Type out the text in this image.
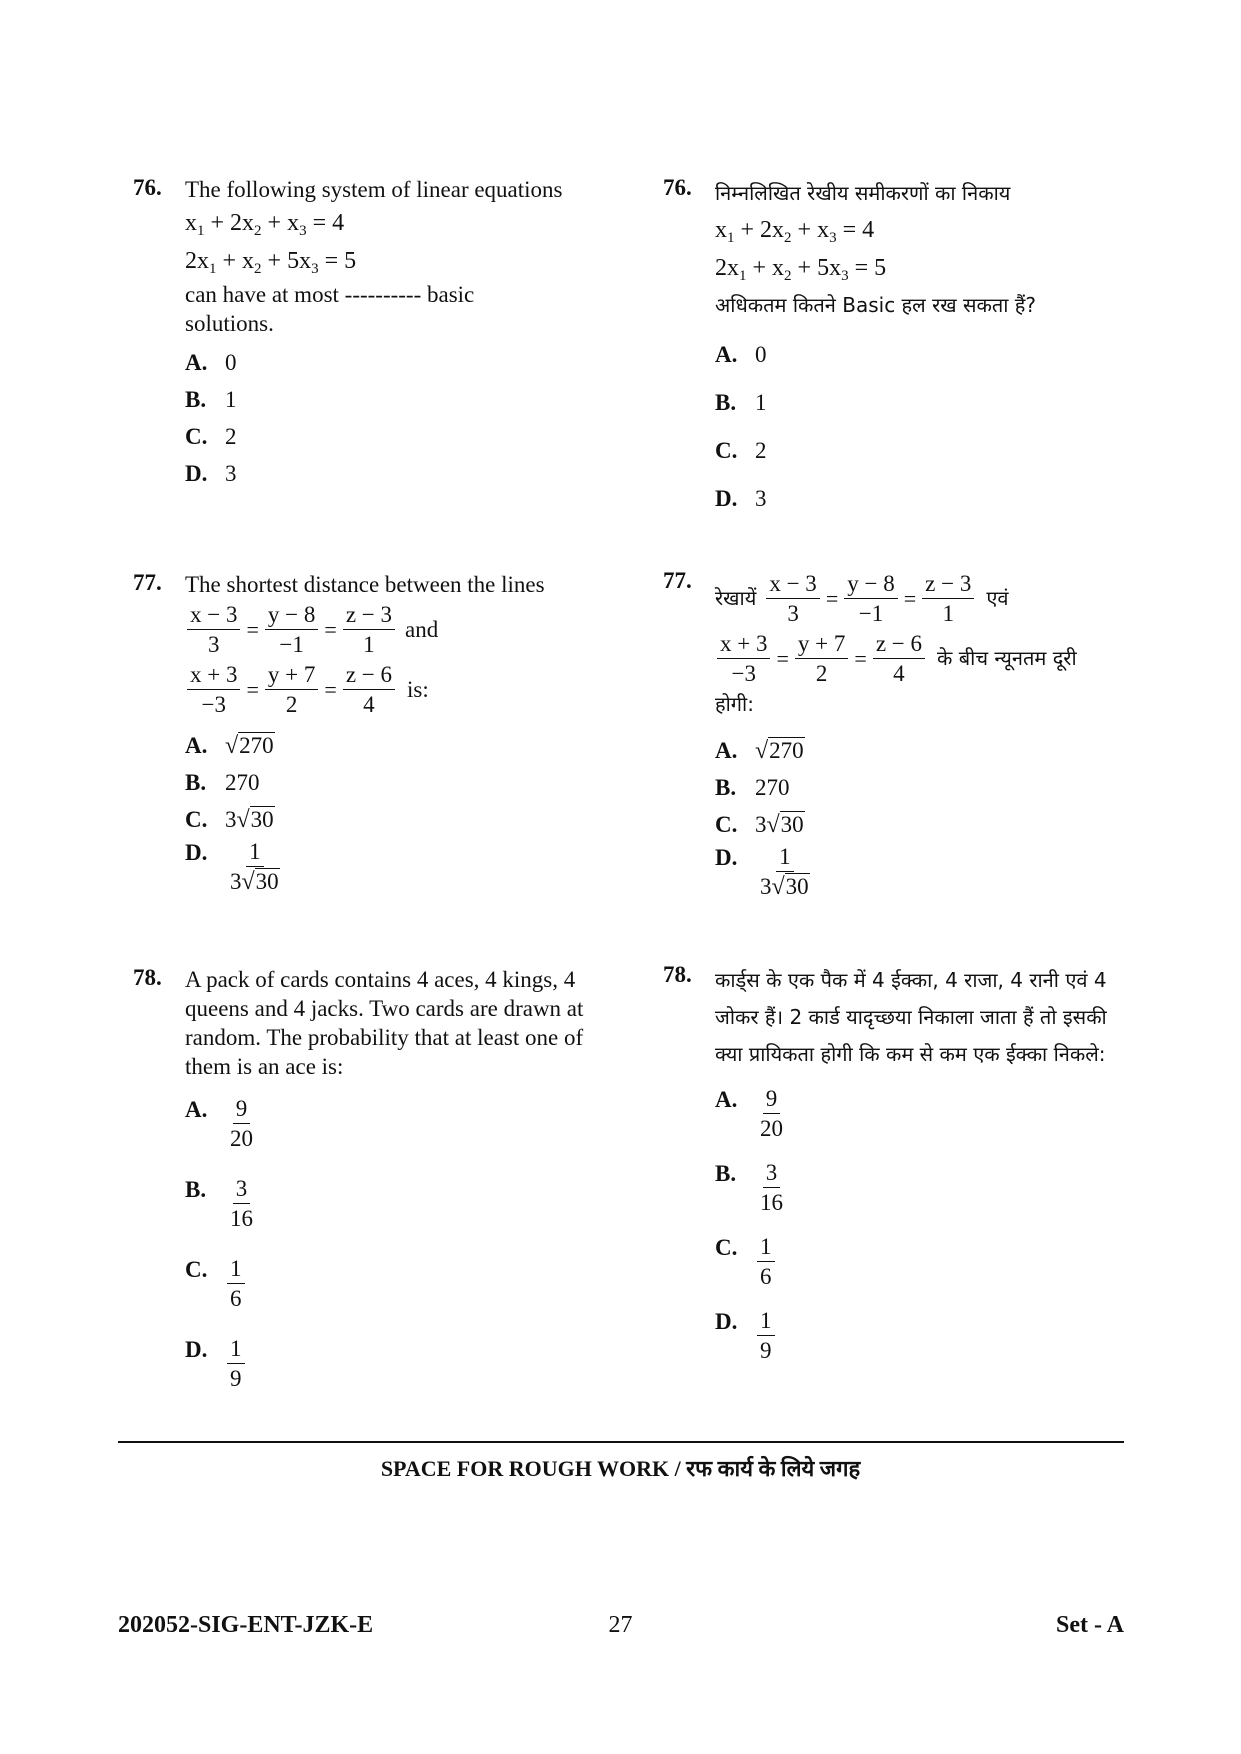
76. The following system of linear equations
$x_1 + 2x_2 + x_3 = 4$
$2x_1 + x_2 + 5x_3 = 5$
can have at most ---------- basic solutions.
A. 0
B. 1
C. 2
D. 3
77. The shortest distance between the lines
$\frac{x - 3}{3} = \frac{y - 8}{-1} = \frac{z - 3}{1}$ and
$\frac{x + 3}{-3} = \frac{y + 7}{2} = \frac{z - 6}{4}$ is:
A. √270
B. 270
C. 3√30
D. $\frac{1}{3√30}$
78. A pack of cards contains 4 aces, 4 kings, 4 queens and 4 jacks. Two cards are drawn at random. The probability that at least one of them is an ace is:
A. $\frac{9}{20}$
B. $\frac{3}{16}$
C. $\frac{1}{6}$
D. $\frac{1}{9}$
76. निम्नलिखित रेखीय समीकरणों का निकाय
$x_1 + 2x_2 + x_3 = 4$
$2x_1 + x_2 + 5x_3 = 5$
अधिकतम कितने Basic हल रख सकता हैं?
A. 0
B. 1
C. 2
D. 3
77.
रेखायें $\frac{x - 3}{3} = \frac{y - 8}{-1} = \frac{z - 3}{1}$ एवं
$\frac{x + 3}{-3} = \frac{y + 7}{2} = \frac{z - 6}{4}$ के बीच न्यूनतम दूरी
होगी:
A. √270
B. 270
C. 3√30
D. $\frac{1}{3√30}$
78. कार्ड्स के एक पैक में 4 ईक्का, 4 राजा, 4 रानी एवं 4 जोकर हैं। 2 कार्ड यादृच्छया निकाला जाता हैं तो इसकी क्या प्रायिकता होगी कि कम से कम एक ईक्का निकले:
A. $\frac{9}{20}$
B. $\frac{3}{16}$
C. $\frac{1}{6}$
D. $\frac{1}{9}$
SPACE FOR ROUGH WORK / रफ कार्य के लिये जगह
202052-SIG-ENT-JZK-E	27	Set - A
